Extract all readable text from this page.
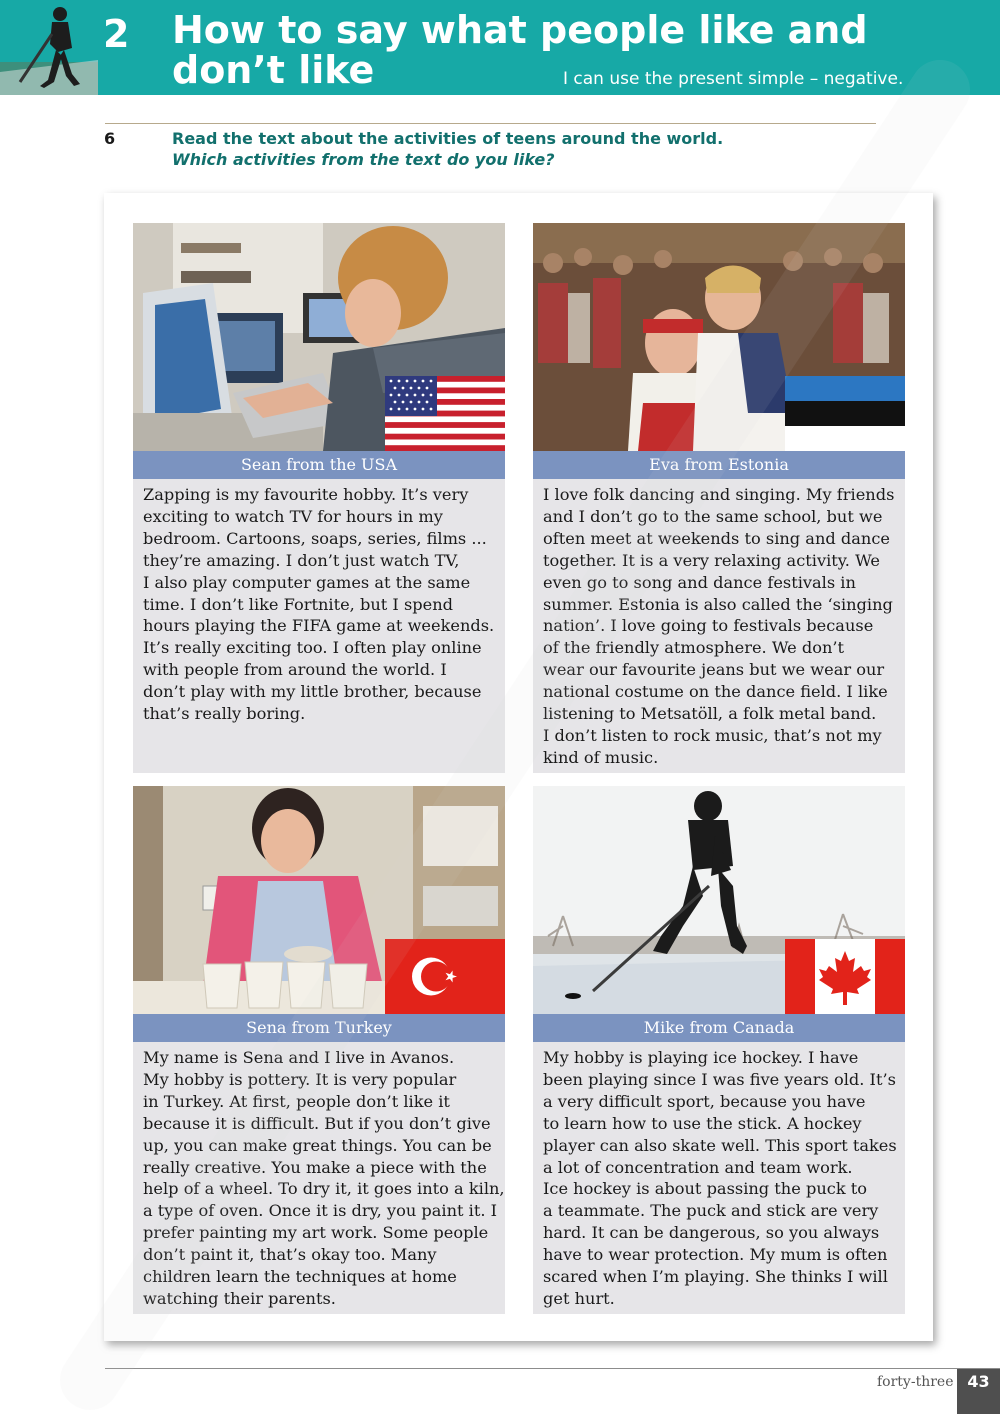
2 How to say what people like and
don’t like	I can use the present simple – negative.
6	Read the text about the activities of teens around the world.
Which activities from the text do you like?
Sean from the USA

Zapping is my favourite hobby. It’s very
exciting to watch TV for hours in my
bedroom. Cartoons, soaps, series, films ...
they’re amazing. I don’t just watch TV,
I also play computer games at the same
time. I don’t like Fortnite, but I spend
hours playing the FIFA game at weekends.
It’s really exciting too. I often play online
with people from around the world. I
don’t play with my little brother, because
that’s really boring.

Eva from Estonia

I love folk dancing and singing. My friends
and I don’t go to the same school, but we
often meet at weekends to sing and dance
together. It is a very relaxing activity. We
even go to song and dance festivals in
summer. Estonia is also called the ‘singing
nation’. I love going to festivals because
of the friendly atmosphere. We don’t
wear our favourite jeans but we wear our
national costume on the dance field. I like
listening to Metsatöll, a folk metal band.
I don’t listen to rock music, that’s not my
kind of music.

Sena from Turkey

My name is Sena and I live in Avanos.
My hobby is pottery. It is very popular
in Turkey. At first, people don’t like it
because it is difficult. But if you don’t give
up, you can make great things. You can be
really creative. You make a piece with the
help of a wheel. To dry it, it goes into a kiln,
a type of oven. Once it is dry, you paint it. I
prefer painting my art work. Some people
don’t paint it, that’s okay too. Many
children learn the techniques at home
watching their parents.

Mike from Canada

My hobby is playing ice hockey. I have
been playing since I was five years old. It’s
a very difficult sport, because you have
to learn how to use the stick. A hockey
player can also skate well. This sport takes
a lot of concentration and team work.
Ice hockey is about passing the puck to
a teammate. The puck and stick are very
hard. It can be dangerous, so you always
have to wear protection. My mum is often
scared when I’m playing. She thinks I will
get hurt.

forty-three 43
